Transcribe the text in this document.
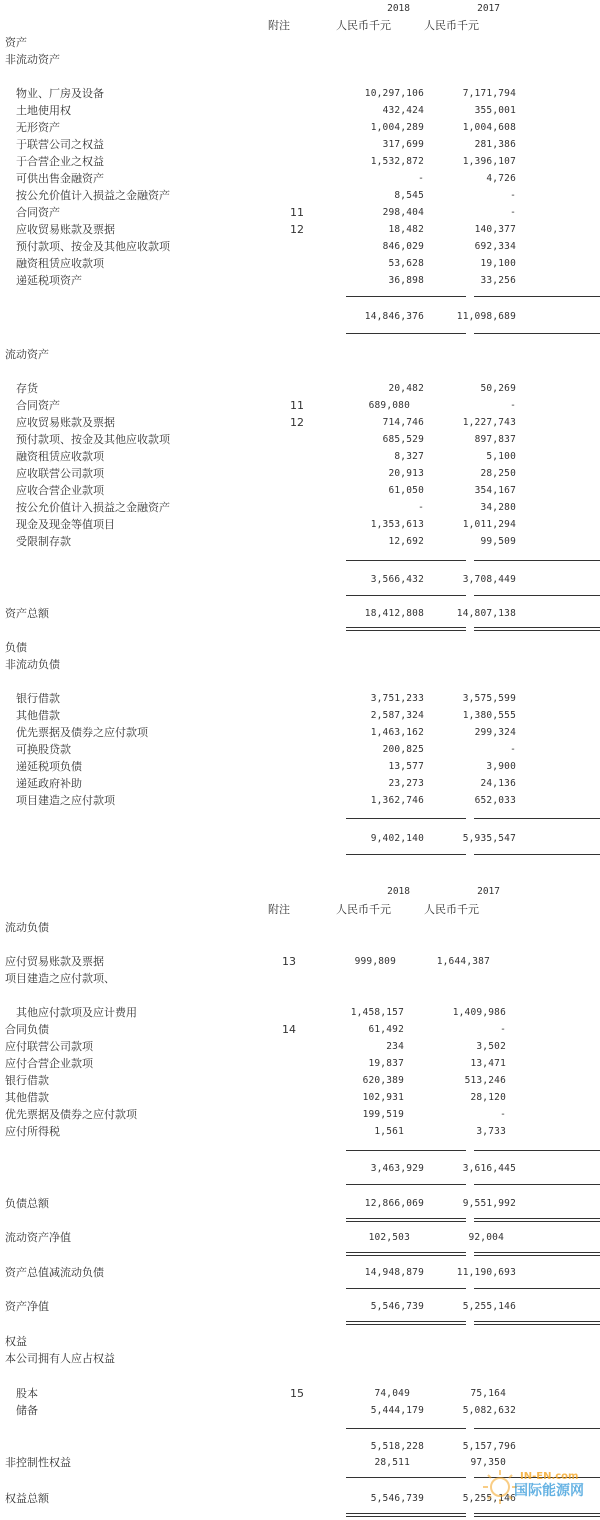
2018	2017
附注	人民币千元	人民币千元
资产
非流动资产
物业、厂房及设备	10,297,106	7,171,794
土地使用权	432,424	355,001
无形资产	1,004,289	1,004,608
于联营公司之权益	317,699	281,386
于合营企业之权益	1,532,872	1,396,107
可供出售金融资产	-	4,726
按公允价值计入损益之金融资产	8,545	-
合同资产	11	298,404	-
应收贸易账款及票据	12	18,482	140,377
预付款项、按金及其他应收款项	846,029	692,334
融资租赁应收款项	53,628	19,100
递延税项资产	36,898	33,256
14,846,376	11,098,689
流动资产
存货	20,482	50,269
合同资产	11	689,080	-
应收贸易账款及票据	12	714,746	1,227,743
预付款项、按金及其他应收款项	685,529	897,837
融资租赁应收款项	8,327	5,100
应收联营公司款项	20,913	28,250
应收合营企业款项	61,050	354,167
按公允价值计入损益之金融资产	-	34,280
现金及现金等值项目	1,353,613	1,011,294
受限制存款	12,692	99,509
3,566,432	3,708,449
资产总额	18,412,808	14,807,138
负债
非流动负债
银行借款	3,751,233	3,575,599
其他借款	2,587,324	1,380,555
优先票据及债券之应付款项	1,463,162	299,324
可换股贷款	200,825	-
递延税项负债	13,577	3,900
递延政府补助	23,273	24,136
项目建造之应付款项	1,362,746	652,033
9,402,140	5,935,547
2018	2017
附注	人民币千元	人民币千元
流动负债
应付贸易账款及票据	13	999,809	1,644,387
项目建造之应付款项、
其他应付款项及应计费用	1,458,157	1,409,986
合同负债	14	61,492	-
应付联营公司款项	234	3,502
应付合营企业款项	19,837	13,471
银行借款	620,389	513,246
其他借款	102,931	28,120
优先票据及债券之应付款项	199,519	-
应付所得税	1,561	3,733
3,463,929	3,616,445
负债总额	12,866,069	9,551,992
流动资产净值	102,503	92,004
资产总值减流动负债	14,948,879	11,190,693
资产净值	5,546,739	5,255,146
权益
本公司拥有人应占权益
股本	15	74,049	75,164
储备	5,444,179	5,082,632
5,518,228	5,157,796
非控制性权益	28,511	97,350
权益总额	5,546,739	5,255,146
IN-EN.com
国际能源网
